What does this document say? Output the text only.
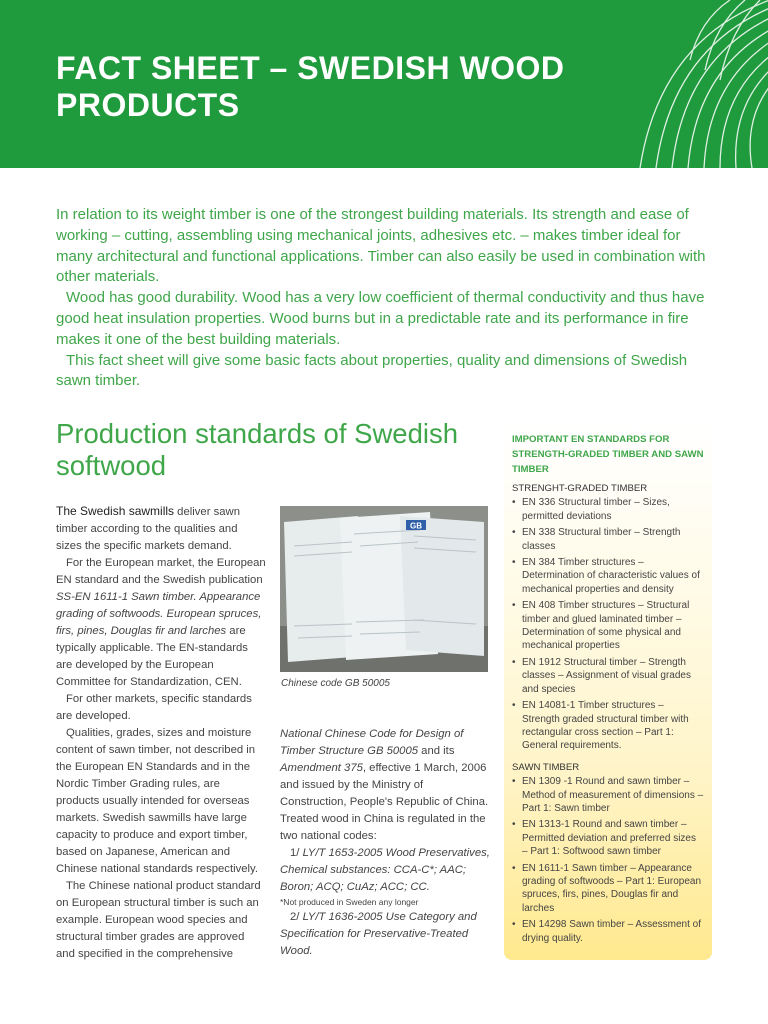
FACT SHEET – SWEDISH WOOD
PRODUCTS

In relation to its weight timber is one of the strongest building materials. Its strength and ease of working – cutting, assembling using mechanical joints, adhesives etc. – makes timber ideal for many architectural and functional applications. Timber can also easily be used in combination with other materials.

Wood has good durability. Wood has a very low coefficient of thermal conductivity and thus have good heat insulation properties. Wood burns but in a predictable rate and its performance in fire makes it one of the best building materials.

This fact sheet will give some basic facts about properties, quality and dimensions of Swedish sawn timber.

Production standards of Swedish softwood

The Swedish sawmills deliver sawn timber according to the qualities and sizes the specific markets demand.

For the European market, the European EN standard and the Swedish publication SS-EN 1611-1 Sawn timber. Appearance grading of softwoods. European spruces, firs, pines, Douglas fir and larches are typically applicable. The EN-standards are developed by the European Committee for Standardization, CEN.

For other markets, specific standards are developed.

Qualities, grades, sizes and moisture content of sawn timber, not described in the European EN Standards and in the Nordic Timber Grading rules, are products usually intended for overseas markets. Swedish sawmills have large capacity to produce and export timber, based on Japanese, American and Chinese national standards respectively.

The Chinese national product standard on European structural timber is such an example. European wood species and structural timber grades are approved and specified in the comprehensive

GB
Chinese code GB 50005

National Chinese Code for Design of Timber Structure GB 50005 and its Amendment 375, effective 1 March, 2006 and issued by the Ministry of Construction, People's Republic of China. Treated wood in China is regulated in the two national codes:

1/ LY/T 1653-2005 Wood Preservatives, Chemical substances: CCA-C*; AAC; Boron; ACQ; CuAz; ACC; CC.

*Not produced in Sweden any longer

2/ LY/T 1636-2005 Use Category and Specification for Preservative-Treated Wood.

IMPORTANT EN STANDARDS FOR STRENGTH-GRADED TIMBER AND SAWN TIMBER
STRENGHT-GRADED TIMBER
• EN 336 Structural timber – Sizes, permitted deviations
• EN 338 Structural timber – Strength classes
• EN 384 Timber structures – Determination of characteristic values of mechanical properties and density
• EN 408 Timber structures – Structural timber and glued laminated timber – Determination of some physical and mechanical properties
• EN 1912 Structural timber – Strength classes – Assignment of visual grades and species
• EN 14081-1 Timber structures – Strength graded structural timber with rectangular cross section – Part 1: General requirements.
SAWN TIMBER
• EN 1309 -1 Round and sawn timber – Method of measurement of dimensions – Part 1: Sawn timber
• EN 1313-1 Round and sawn timber – Permitted deviation and preferred sizes – Part 1: Softwood sawn timber
• EN 1611-1 Sawn timber – Appearance grading of softwoods – Part 1: European spruces, firs, pines, Douglas fir and larches
• EN 14298 Sawn timber – Assessment of drying quality.
